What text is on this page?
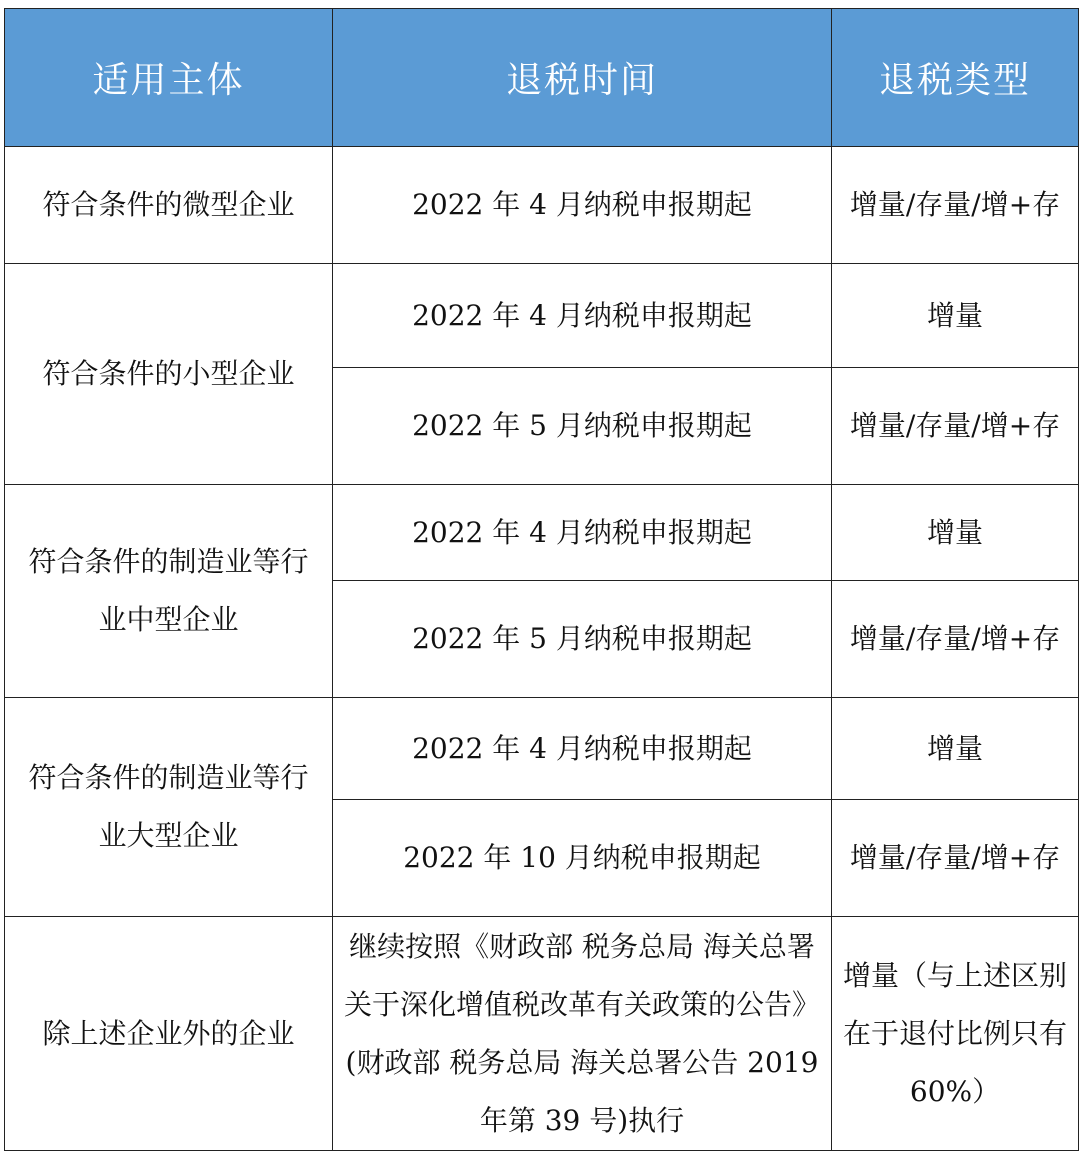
适用主体	退税时间	退税类型
符合条件的微型企业	2022 年 4 月纳税申报期起	增量/存量/增+存
符合条件的小型企业	2022 年 4 月纳税申报期起	增量
	2022 年 5 月纳税申报期起	增量/存量/增+存
符合条件的制造业等行业中型企业	2022 年 4 月纳税申报期起	增量
	2022 年 5 月纳税申报期起	增量/存量/增+存
符合条件的制造业等行业大型企业	2022 年 4 月纳税申报期起	增量
	2022 年 10 月纳税申报期起	增量/存量/增+存
除上述企业外的企业	继续按照《财政部 税务总局 海关总署关于深化增值税改革有关政策的公告》(财政部 税务总局 海关总署公告 2019 年第 39 号)执行	增量（与上述区别在于退付比例只有 60%）
